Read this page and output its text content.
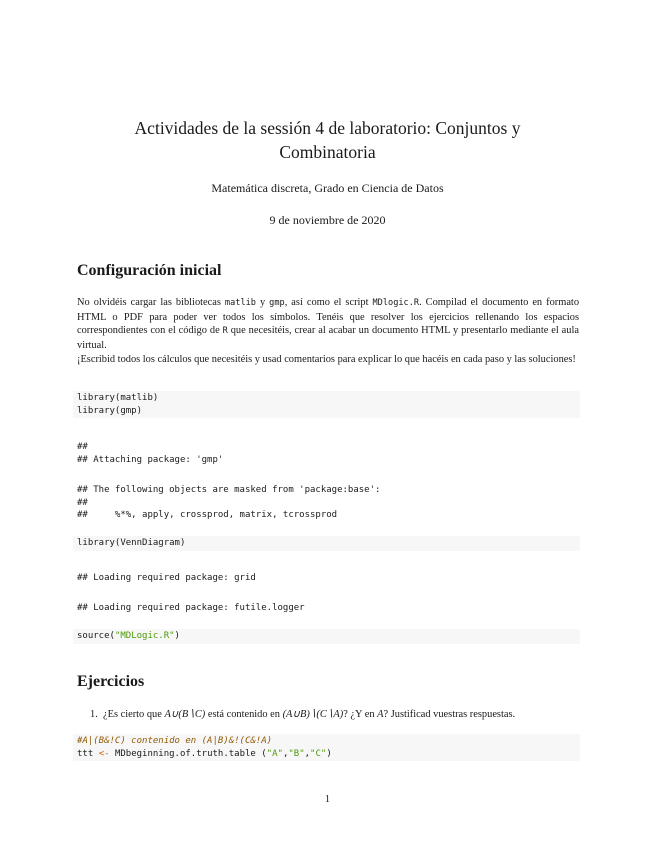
Actividades de la sessión 4 de laboratorio: Conjuntos y Combinatoria
Matemática discreta, Grado en Ciencia de Datos
9 de noviembre de 2020
Configuración inicial
No olvidéis cargar las bibliotecas matlib y gmp, así como el script MDlogic.R. Compilad el documento en formato HTML o PDF para poder ver todos los símbolos. Tenéis que resolver los ejercicios rellenando los espacios correspondientes con el código de R que necesitéis, crear al acabar un documento HTML y presentarlo mediante el aula virtual.
¡Escribid todos los cálculos que necesitéis y usad comentarios para explicar lo que hacéis en cada paso y las soluciones!
library(matlib)
library(gmp)
##
## Attaching package: 'gmp'
## The following objects are masked from 'package:base':
##
##     %*%, apply, crossprod, matrix, tcrossprod
library(VennDiagram)
## Loading required package: grid
## Loading required package: futile.logger
source("MDLogic.R")
Ejercicios
1. ¿Es cierto que A∪(B∖C) está contenido en (A∪B)∖(C∖A)? ¿Y en A? Justificad vuestras respuestas.
#A|(B&!C) contenido en (A|B)&!(C&!A)
ttt <- MDbeginning.of.truth.table ("A","B","C")
1
